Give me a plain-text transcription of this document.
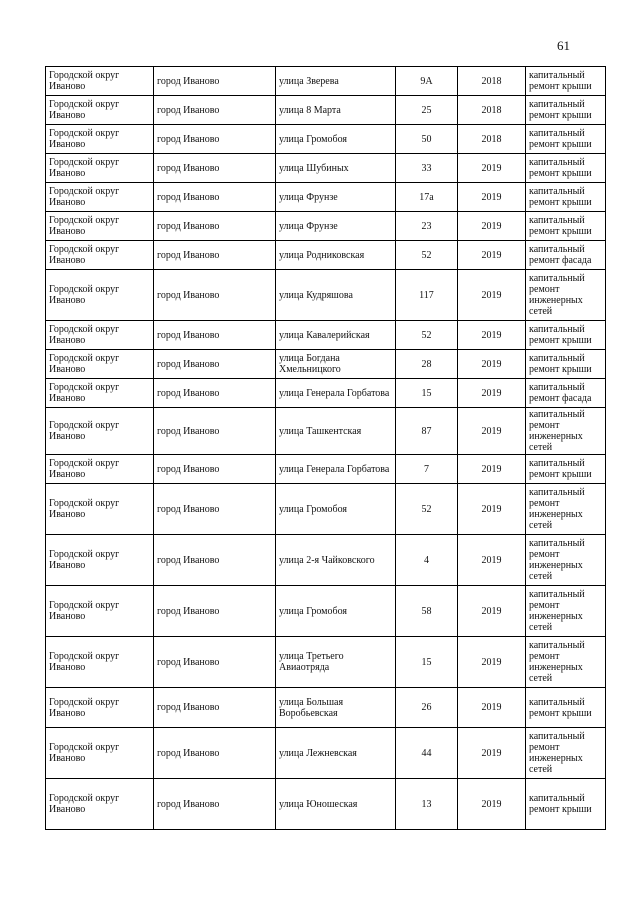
61
Городской округ Иваново	город Иваново	улица Зверева	9А	2018	капитальный ремонт крыши
Городской округ Иваново	город Иваново	улица 8 Марта	25	2018	капитальный ремонт крыши
Городской округ Иваново	город Иваново	улица Громобоя	50	2018	капитальный ремонт крыши
Городской округ Иваново	город Иваново	улица Шубиных	33	2019	капитальный ремонт крыши
Городской округ Иваново	город Иваново	улица Фрунзе	17а	2019	капитальный ремонт крыши
Городской округ Иваново	город Иваново	улица Фрунзе	23	2019	капитальный ремонт крыши
Городской округ Иваново	город Иваново	улица Родниковская	52	2019	капитальный ремонт фасада
Городской округ Иваново	город Иваново	улица Кудряшова	117	2019	капитальный ремонт инженерных сетей
Городской округ Иваново	город Иваново	улица Кавалерийская	52	2019	капитальный ремонт крыши
Городской округ Иваново	город Иваново	улица Богдана Хмельницкого	28	2019	капитальный ремонт крыши
Городской округ Иваново	город Иваново	улица Генерала Горбатова	15	2019	капитальный ремонт фасада
Городской округ Иваново	город Иваново	улица Ташкентская	87	2019	капитальный ремонт инженерных сетей
Городской округ Иваново	город Иваново	улица Генерала Горбатова	7	2019	капитальный ремонт крыши
Городской округ Иваново	город Иваново	улица Громобоя	52	2019	капитальный ремонт инженерных сетей
Городской округ Иваново	город Иваново	улица 2-я Чайковского	4	2019	капитальный ремонт инженерных сетей
Городской округ Иваново	город Иваново	улица Громобоя	58	2019	капитальный ремонт инженерных сетей
Городской округ Иваново	город Иваново	улица Третьего Авиаотряда	15	2019	капитальный ремонт инженерных сетей
Городской округ Иваново	город Иваново	улица Большая Воробьевская	26	2019	капитальный ремонт крыши
Городской округ Иваново	город Иваново	улица Лежневская	44	2019	капитальный ремонт инженерных сетей
Городской округ Иваново	город Иваново	улица Юношеская	13	2019	капитальный ремонт крыши
